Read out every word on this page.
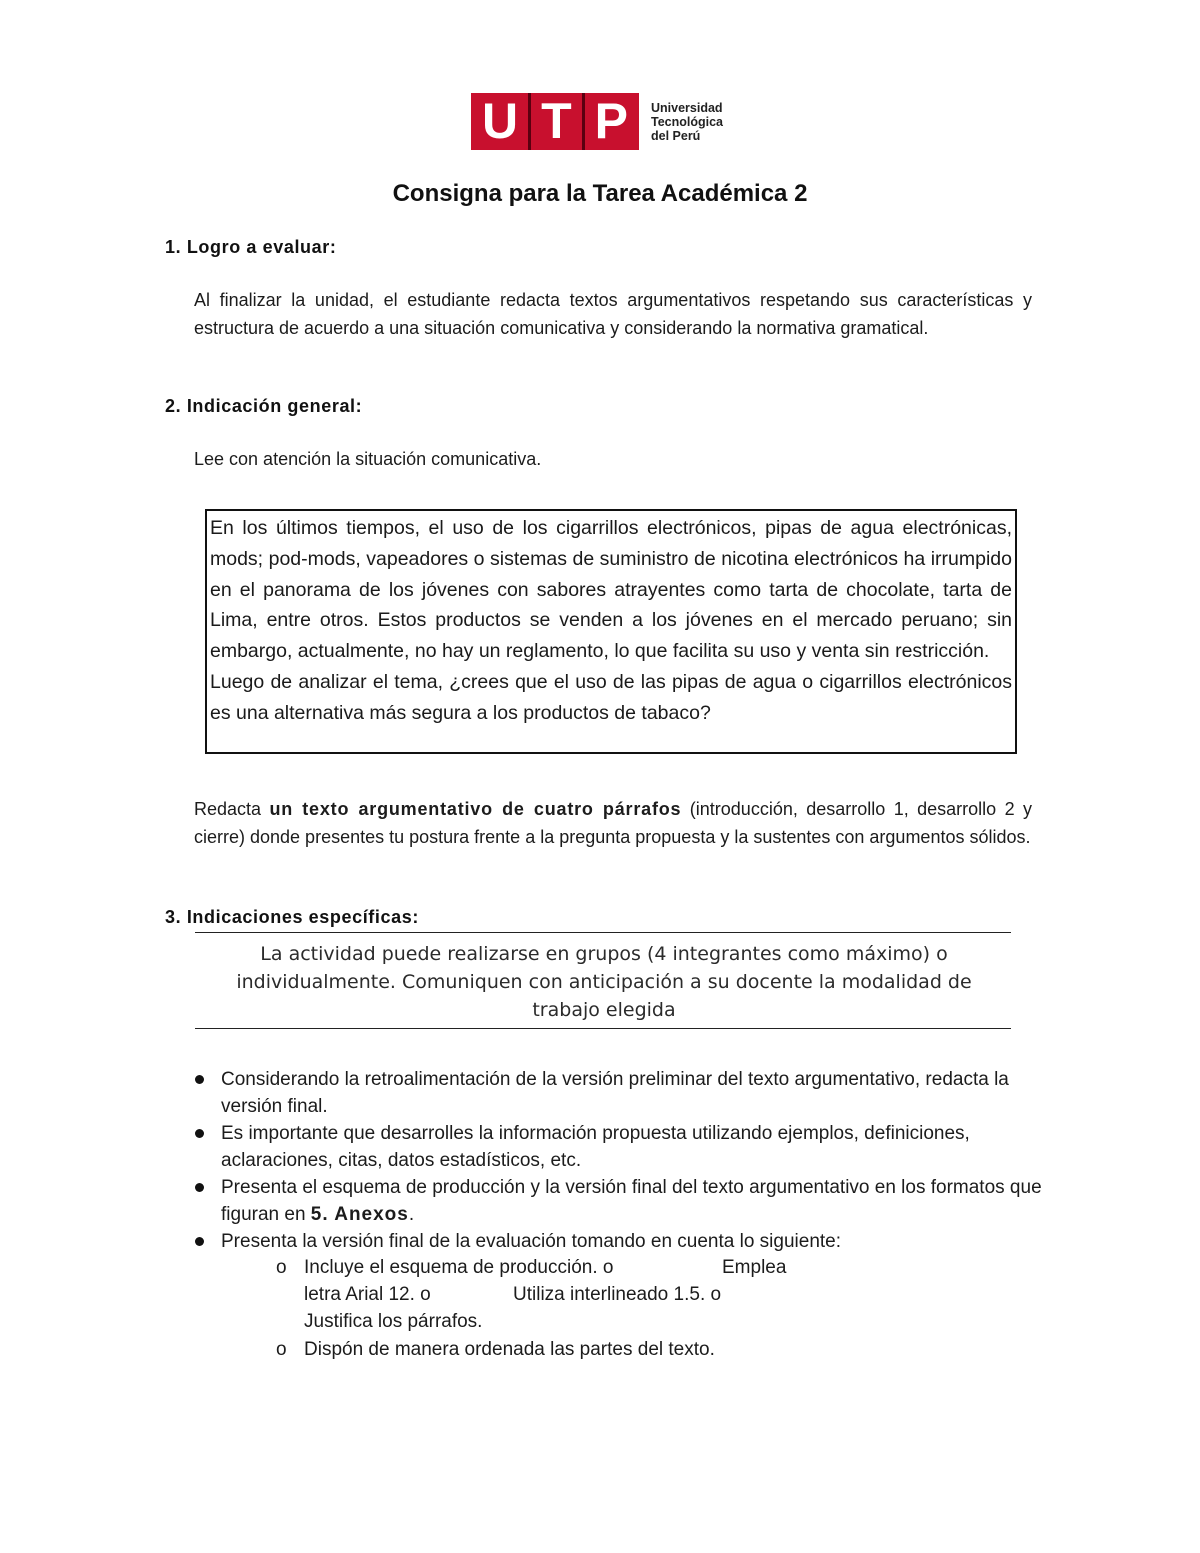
U T P Universidad
Tecnológica
del Perú
Consigna para la Tarea Académica 2
1. Logro a evaluar:

Al finalizar la unidad, el estudiante redacta textos argumentativos respetando sus características y estructura de acuerdo a una situación comunicativa y considerando la normativa gramatical.

2. Indicación general:

Lee con atención la situación comunicativa.

En los últimos tiempos, el uso de los cigarrillos electrónicos, pipas de agua electrónicas, mods; pod-mods, vapeadores o sistemas de suministro de nicotina electrónicos ha irrumpido en el panorama de los jóvenes con sabores atrayentes como tarta de chocolate, tarta de Lima, entre otros. Estos productos se venden a los jóvenes en el mercado peruano; sin embargo, actualmente, no hay un reglamento, lo que facilita su uso y venta sin restricción.

Luego de analizar el tema, ¿crees que el uso de las pipas de agua o cigarrillos electrónicos es una alternativa más segura a los productos de tabaco?

Redacta un texto argumentativo de cuatro párrafos (introducción, desarrollo 1, desarrollo 2 y cierre) donde presentes tu postura frente a la pregunta propuesta y la sustentes con argumentos sólidos.

3. Indicaciones específicas:
La actividad puede realizarse en grupos (4 integrantes como máximo) o
individualmente. Comuniquen con anticipación a su docente la modalidad de
trabajo elegida
Considerando la retroalimentación de la versión preliminar del texto argumentativo, redacta la versión final.
Es importante que desarrolles la información propuesta utilizando ejemplos, definiciones, aclaraciones, citas, datos estadísticos, etc.
Presenta el esquema de producción y la versión final del texto argumentativo en los formatos que figuran en 5. Anexos.
Presenta la versión final de la evaluación tomando en cuenta lo siguiente:
o Incluye el esquema de producción. o	Emplea
letra Arial 12. o	Utiliza interlineado 1.5. o
Justifica los párrafos.
o Dispón de manera ordenada las partes del texto.
